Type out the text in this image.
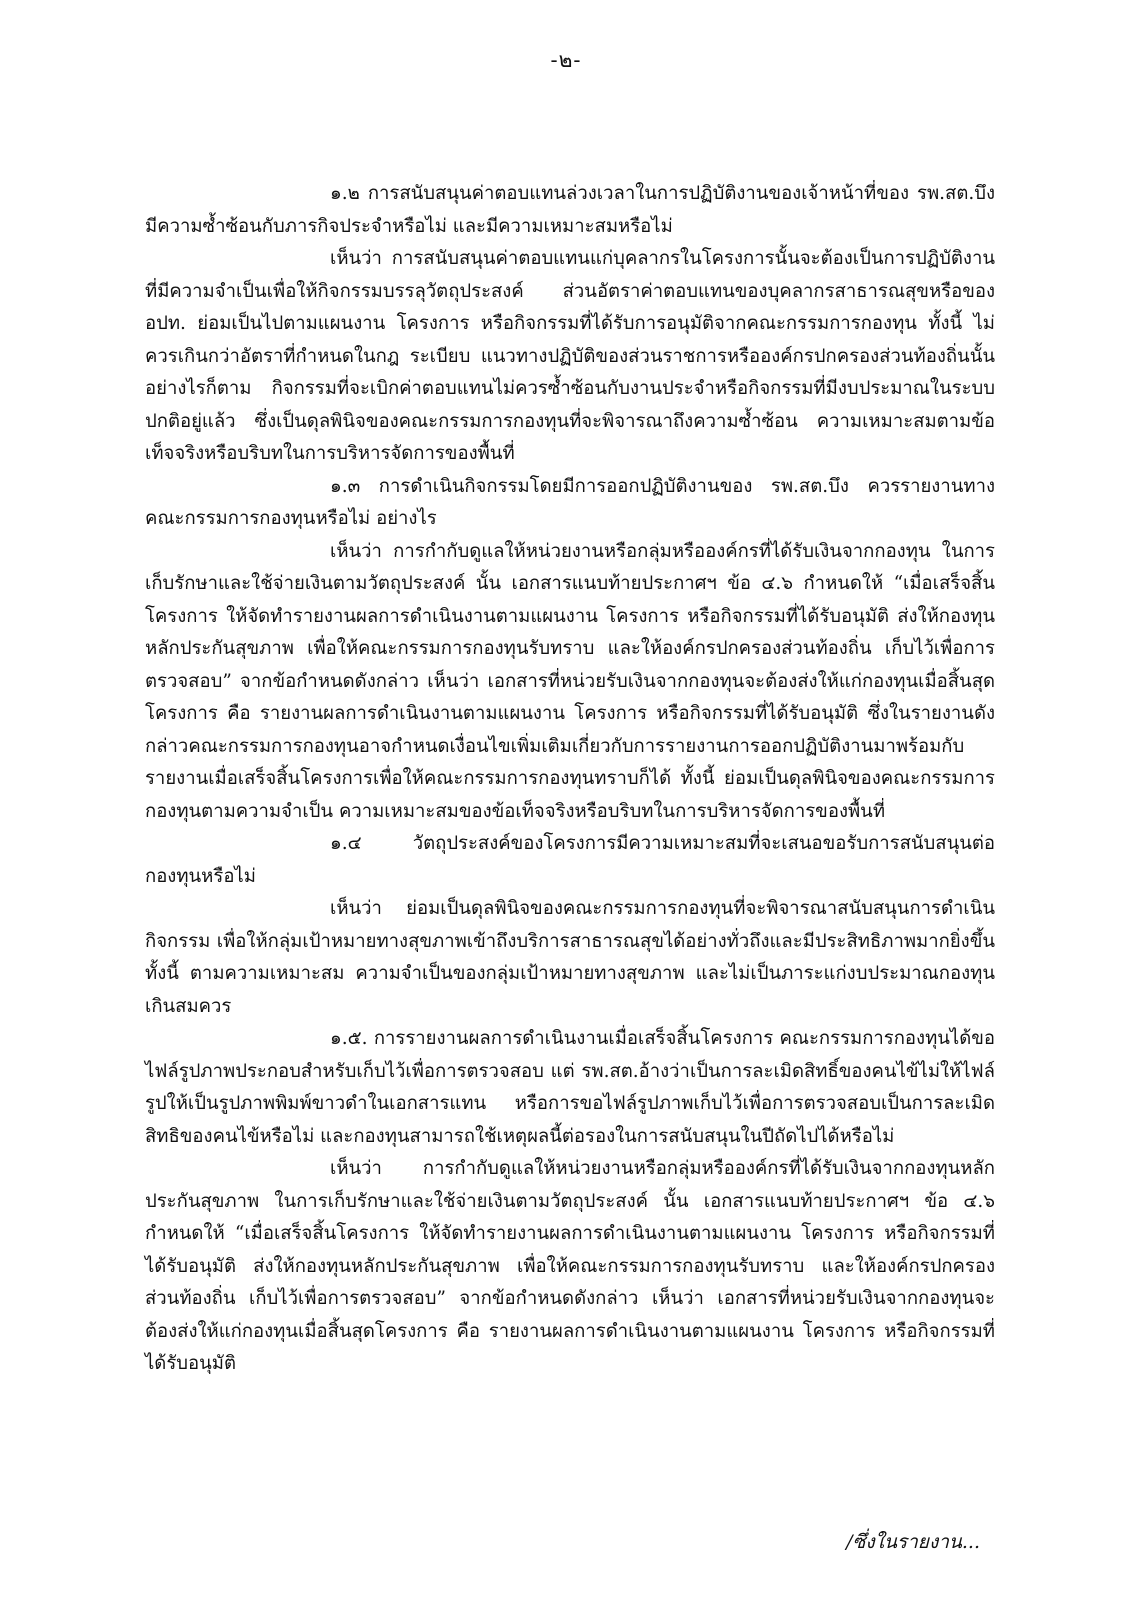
-๒-

๑.๒ การสนับสนุนค่าตอบแทนล่วงเวลาในการปฏิบัติงานของเจ้าหน้าที่ของ รพ.สต.บึง มีความซ้ำซ้อนกับภารกิจประจำหรือไม่ และมีความเหมาะสมหรือไม่

เห็นว่า การสนับสนุนค่าตอบแทนแก่บุคลากรในโครงการนั้นจะต้องเป็นการปฏิบัติงานที่มีความจำเป็นเพื่อให้กิจกรรมบรรลุวัตถุประสงค์ ส่วนอัตราค่าตอบแทนของบุคลากรสาธารณสุขหรือของ อปท. ย่อมเป็นไปตามแผนงาน โครงการ หรือกิจกรรมที่ได้รับการอนุมัติจากคณะกรรมการกองทุน ทั้งนี้ ไม่ควรเกินกว่าอัตราที่กำหนดในกฎ ระเบียบ แนวทางปฏิบัติของส่วนราชการหรือองค์กรปกครองส่วนท้องถิ่นนั้น อย่างไรก็ตาม กิจกรรมที่จะเบิกค่าตอบแทนไม่ควรซ้ำซ้อนกับงานประจำหรือกิจกรรมที่มีงบประมาณในระบบปกติอยู่แล้ว ซึ่งเป็นดุลพินิจของคณะกรรมการกองทุนที่จะพิจารณาถึงความซ้ำซ้อน ความเหมาะสมตามข้อเท็จจริงหรือบริบทในการบริหารจัดการของพื้นที่

๑.๓ การดำเนินกิจกรรมโดยมีการออกปฏิบัติงานของ รพ.สต.บึง ควรรายงานทางคณะกรรมการกองทุนหรือไม่ อย่างไร

เห็นว่า การกำกับดูแลให้หน่วยงานหรือกลุ่มหรือองค์กรที่ได้รับเงินจากกองทุน ในการเก็บรักษาและใช้จ่ายเงินตามวัตถุประสงค์ นั้น เอกสารแนบท้ายประกาศฯ ข้อ ๔.๖ กำหนดให้ “เมื่อเสร็จสิ้นโครงการ ให้จัดทำรายงานผลการดำเนินงานตามแผนงาน โครงการ หรือกิจกรรมที่ได้รับอนุมัติ ส่งให้กองทุนหลักประกันสุขภาพ เพื่อให้คณะกรรมการกองทุนรับทราบ และให้องค์กรปกครองส่วนท้องถิ่น เก็บไว้เพื่อการตรวจสอบ” จากข้อกำหนดดังกล่าว เห็นว่า เอกสารที่หน่วยรับเงินจากกองทุนจะต้องส่งให้แก่กองทุนเมื่อสิ้นสุดโครงการ คือ รายงานผลการดำเนินงานตามแผนงาน โครงการ หรือกิจกรรมที่ได้รับอนุมัติ ซึ่งในรายงานดังกล่าวคณะกรรมการกองทุนอาจกำหนดเงื่อนไขเพิ่มเติมเกี่ยวกับการรายงานการออกปฏิบัติงานมาพร้อมกับรายงานเมื่อเสร็จสิ้นโครงการเพื่อให้คณะกรรมการกองทุนทราบก็ได้ ทั้งนี้ ย่อมเป็นดุลพินิจของคณะกรรมการกองทุนตามความจำเป็น ความเหมาะสมของข้อเท็จจริงหรือบริบทในการบริหารจัดการของพื้นที่

๑.๔ วัตถุประสงค์ของโครงการมีความเหมาะสมที่จะเสนอขอรับการสนับสนุนต่อ กองทุนหรือไม่

เห็นว่า ย่อมเป็นดุลพินิจของคณะกรรมการกองทุนที่จะพิจารณาสนับสนุนการดำเนินกิจกรรม เพื่อให้กลุ่มเป้าหมายทางสุขภาพเข้าถึงบริการสาธารณสุขได้อย่างทั่วถึงและมีประสิทธิภาพมากยิ่งขึ้น ทั้งนี้ ตามความเหมาะสม ความจำเป็นของกลุ่มเป้าหมายทางสุขภาพ และไม่เป็นภาระแก่งบประมาณกองทุนเกินสมควร

๑.๕. การรายงานผลการดำเนินงานเมื่อเสร็จสิ้นโครงการ คณะกรรมการกองทุนได้ขอไฟล์รูปภาพประกอบสำหรับเก็บไว้เพื่อการตรวจสอบ แต่ รพ.สต.อ้างว่าเป็นการละเมิดสิทธิ์ของคนไข้ไม่ให้ไฟล์รูปให้เป็นรูปภาพพิมพ์ขาวดำในเอกสารแทน หรือการขอไฟล์รูปภาพเก็บไว้เพื่อการตรวจสอบเป็นการละเมิดสิทธิของคนไข้หรือไม่ และกองทุนสามารถใช้เหตุผลนี้ต่อรองในการสนับสนุนในปีถัดไปได้หรือไม่

เห็นว่า การกำกับดูแลให้หน่วยงานหรือกลุ่มหรือองค์กรที่ได้รับเงินจากกองทุนหลักประกันสุขภาพ ในการเก็บรักษาและใช้จ่ายเงินตามวัตถุประสงค์ นั้น เอกสารแนบท้ายประกาศฯ ข้อ ๔.๖ กำหนดให้ “เมื่อเสร็จสิ้นโครงการ ให้จัดทำรายงานผลการดำเนินงานตามแผนงาน โครงการ หรือกิจกรรมที่ได้รับอนุมัติ ส่งให้กองทุนหลักประกันสุขภาพ เพื่อให้คณะกรรมการกองทุนรับทราบ และให้องค์กรปกครองส่วนท้องถิ่น เก็บไว้เพื่อการตรวจสอบ” จากข้อกำหนดดังกล่าว เห็นว่า เอกสารที่หน่วยรับเงินจากกองทุนจะต้องส่งให้แก่กองทุนเมื่อสิ้นสุดโครงการ คือ รายงานผลการดำเนินงานตามแผนงาน โครงการ หรือกิจกรรมที่ได้รับอนุมัติ

/ซึ่งในรายงาน...
